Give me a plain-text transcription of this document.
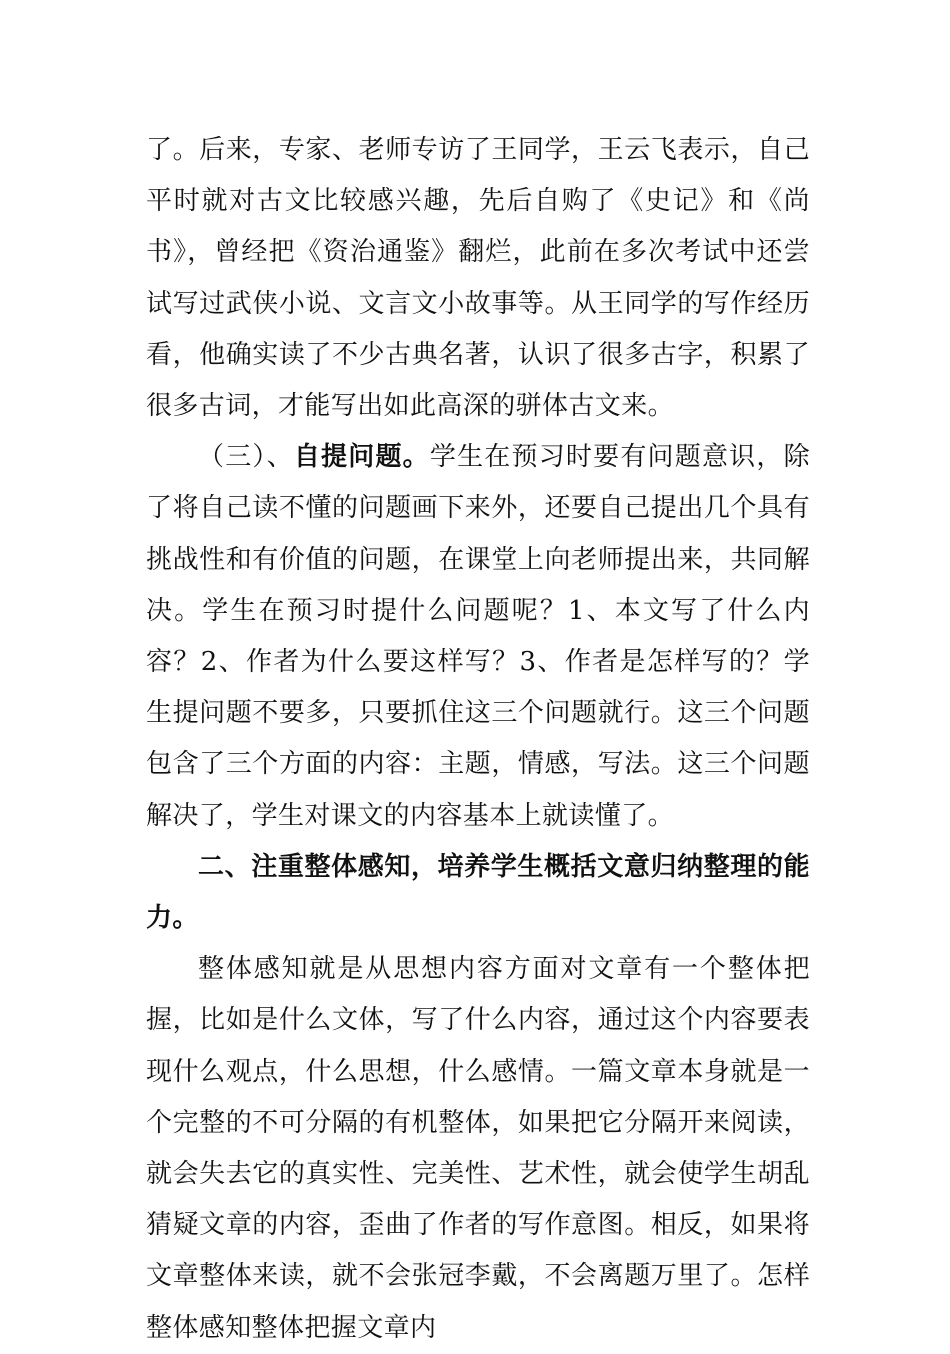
了。后来，专家、老师专访了王同学，王云飞表示，自己平时就对古文比较感兴趣，先后自购了《史记》和《尚书》，曾经把《资治通鉴》翻烂，此前在多次考试中还尝试写过武侠小说、文言文小故事等。从王同学的写作经历看，他确实读了不少古典名著，认识了很多古字，积累了很多古词，才能写出如此高深的骈体古文来。

（三）、自提问题。学生在预习时要有问题意识，除了将自己读不懂的问题画下来外，还要自己提出几个具有挑战性和有价值的问题，在课堂上向老师提出来，共同解决。学生在预习时提什么问题呢？1、本文写了什么内容？2、作者为什么要这样写？3、作者是怎样写的？学生提问题不要多，只要抓住这三个问题就行。这三个问题包含了三个方面的内容：主题，情感，写法。这三个问题解决了，学生对课文的内容基本上就读懂了。

二、注重整体感知，培养学生概括文意归纳整理的能力。

整体感知就是从思想内容方面对文章有一个整体把握，比如是什么文体，写了什么内容，通过这个内容要表现什么观点，什么思想，什么感情。一篇文章本身就是一个完整的不可分隔的有机整体，如果把它分隔开来阅读，就会失去它的真实性、完美性、艺术性，就会使学生胡乱猜疑文章的内容，歪曲了作者的写作意图。相反，如果将文章整体来读，就不会张冠李戴，不会离题万里了。怎样整体感知整体把握文章内
